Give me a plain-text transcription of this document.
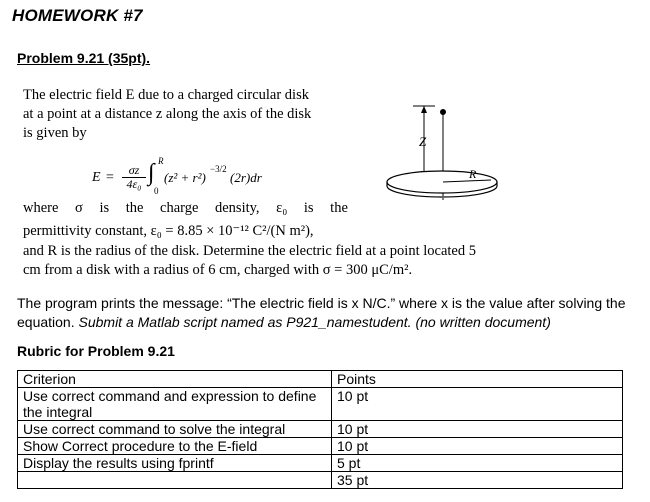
HOMEWORK #7
Problem 9.21 (35pt).
The electric field E due to a charged circular disk
at a point at a distance z along the axis of the disk
is given by
E =	σz
4ε₀ ∫ R
0
(z² + r²)
−3/2
(2r)dr
where σ is the charge density, ε₀ is the
permittivity constant, ε₀ = 8.85 × 10⁻¹² C²/(N m²),
and R is the radius of the disk. Determine the electric field at a point located 5
cm from a disk with a radius of 6 cm, charged with σ = 300 μC/m².
Z
R
The program prints the message: “The electric field is x N/C.” where x is the value after solving the equation. Submit a Matlab script named as P921_namestudent. (no written document)
Rubric for Problem 9.21
Criterion	Points
Use correct command and expression to define the integral	10 pt
Use correct command to solve the integral	10 pt
Show Correct procedure to the E-field	10 pt
Display the results using fprintf	5 pt
	35 pt
